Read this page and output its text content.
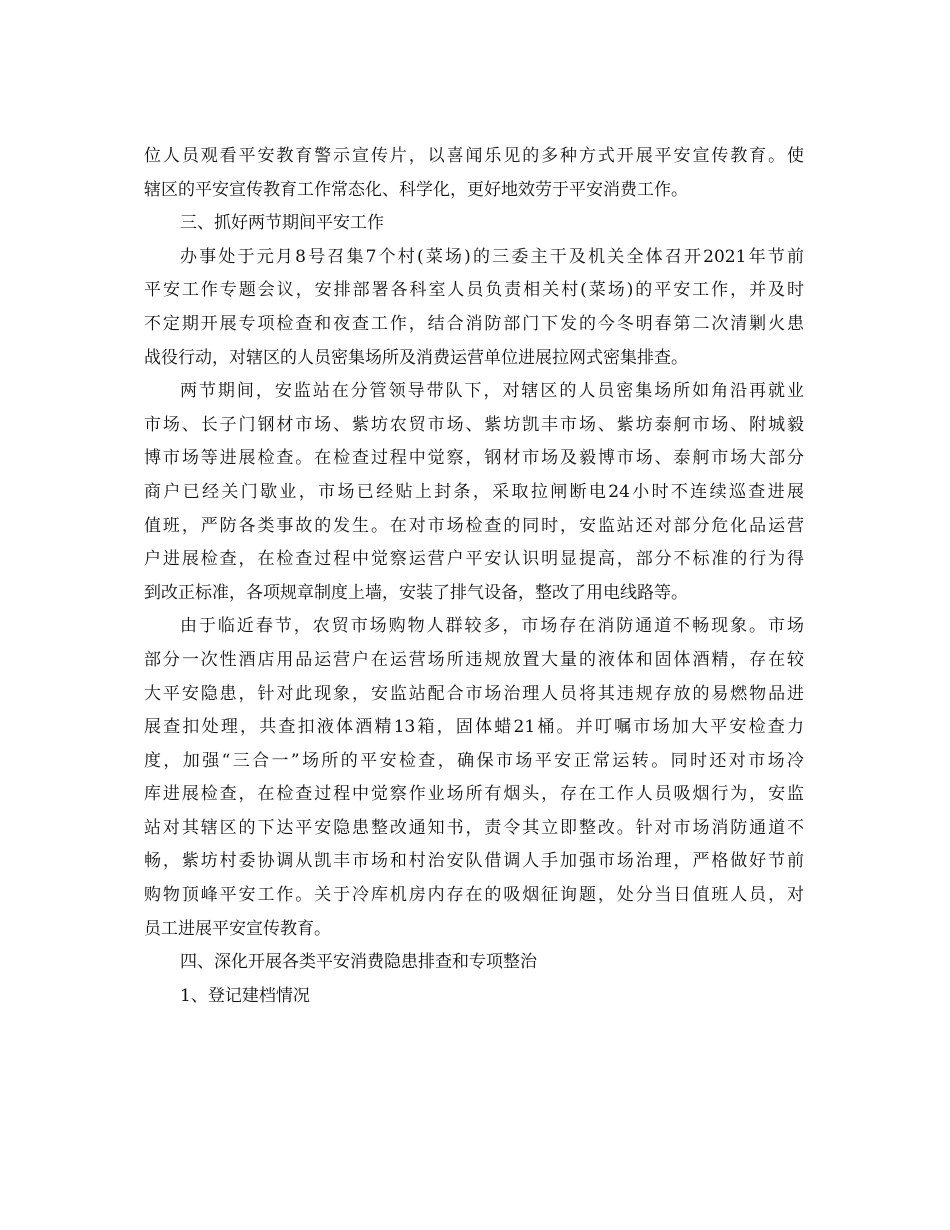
位人员观看平安教育警示宣传片，以喜闻乐见的多种方式开展平安宣传教育。使
辖区的平安宣传教育工作常态化、科学化，更好地效劳于平安消费工作。
三、抓好两节期间平安工作
办事处于元月8号召集7个村(菜场)的三委主干及机关全体召开2021年节前
平安工作专题会议，安排部署各科室人员负责相关村(菜场)的平安工作，并及时
不定期开展专项检查和夜查工作，结合消防部门下发的今冬明春第二次清剿火患
战役行动，对辖区的人员密集场所及消费运营单位进展拉网式密集排查。
两节期间，安监站在分管领导带队下，对辖区的人员密集场所如角沿再就业
市场、长子门钢材市场、紫坊农贸市场、紫坊凯丰市场、紫坊泰舸市场、附城毅
博市场等进展检查。在检查过程中觉察，钢材市场及毅博市场、泰舸市场大部分
商户已经关门歇业，市场已经贴上封条，采取拉闸断电24小时不连续巡查进展
值班，严防各类事故的发生。在对市场检查的同时，安监站还对部分危化品运营
户进展检查，在检查过程中觉察运营户平安认识明显提高，部分不标准的行为得
到改正标准，各项规章制度上墙，安装了排气设备，整改了用电线路等。
由于临近春节，农贸市场购物人群较多，市场存在消防通道不畅现象。市场
部分一次性酒店用品运营户在运营场所违规放置大量的液体和固体酒精，存在较
大平安隐患，针对此现象，安监站配合市场治理人员将其违规存放的易燃物品进
展查扣处理，共查扣液体酒精13箱，固体蜡21桶。并叮嘱市场加大平安检查力
度，加强“三合一”场所的平安检查，确保市场平安正常运转。同时还对市场冷
库进展检查，在检查过程中觉察作业场所有烟头，存在工作人员吸烟行为，安监
站对其辖区的下达平安隐患整改通知书，责令其立即整改。针对市场消防通道不
畅，紫坊村委协调从凯丰市场和村治安队借调人手加强市场治理，严格做好节前
购物顶峰平安工作。关于冷库机房内存在的吸烟征询题，处分当日值班人员，对
员工进展平安宣传教育。
四、深化开展各类平安消费隐患排查和专项整治
1、登记建档情况
